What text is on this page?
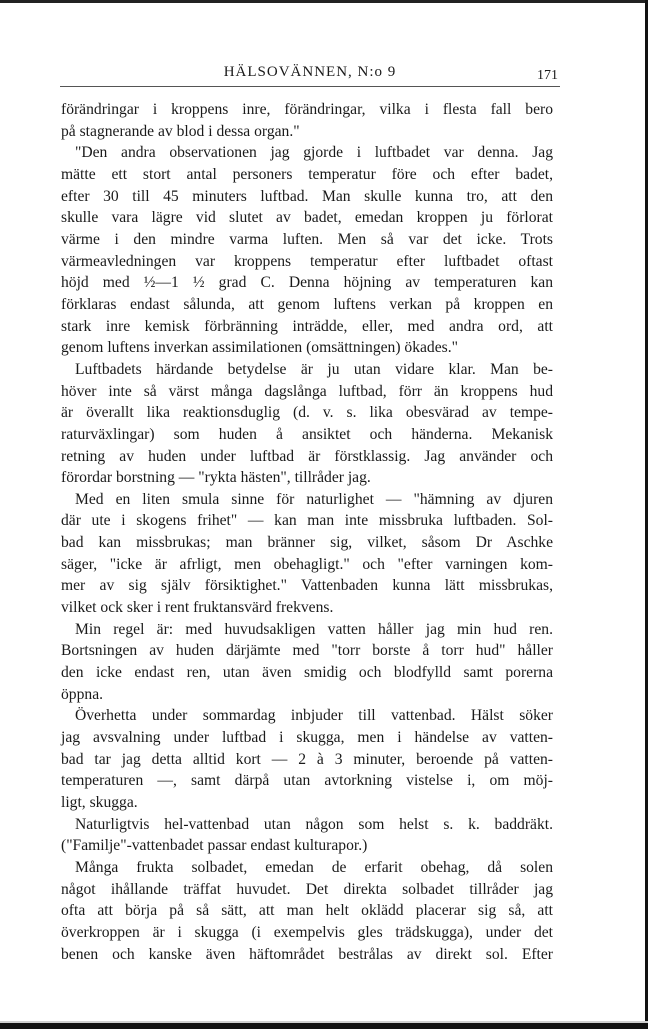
HÄLSOVÄNNEN, N:o 9	171
förändringar i kroppens inre, förändringar, vilka i flesta fall bero
på stagnerande av blod i dessa organ."
"Den andra observationen jag gjorde i luftbadet var denna. Jag
mätte ett stort antal personers temperatur före och efter badet,
efter 30 till 45 minuters luftbad. Man skulle kunna tro, att den
skulle vara lägre vid slutet av badet, emedan kroppen ju förlorat
värme i den mindre varma luften. Men så var det icke. Trots
värmeavledningen var kroppens temperatur efter luftbadet oftast
höjd med ½—1 ½ grad C. Denna höjning av temperaturen kan
förklaras endast sålunda, att genom luftens verkan på kroppen en
stark inre kemisk förbränning inträdde, eller, med andra ord, att
genom luftens inverkan assimilationen (omsättningen) ökades."
Luftbadets härdande betydelse är ju utan vidare klar. Man be-
höver inte så värst många dagslånga luftbad, förr än kroppens hud
är överallt lika reaktionsduglig (d. v. s. lika obesvärad av tempe-
raturväxlingar) som huden å ansiktet och händerna. Mekanisk
retning av huden under luftbad är förstklassig. Jag använder och
förordar borstning — "rykta hästen", tillråder jag.
Med en liten smula sinne för naturlighet — "hämning av djuren
där ute i skogens frihet" — kan man inte missbruka luftbaden. Sol-
bad kan missbrukas; man bränner sig, vilket, såsom Dr Aschke
säger, "icke är afrligt, men obehagligt." och "efter varningen kom-
mer av sig själv försiktighet." Vattenbaden kunna lätt missbrukas,
vilket ock sker i rent fruktansvärd frekvens.
Min regel är: med huvudsakligen vatten håller jag min hud ren.
Bortsningen av huden därjämte med "torr borste å torr hud" håller
den icke endast ren, utan även smidig och blodfylld samt porerna
öppna.
Överhetta under sommardag inbjuder till vattenbad. Hälst söker
jag avsvalning under luftbad i skugga, men i händelse av vatten-
bad tar jag detta alltid kort — 2 à 3 minuter, beroende på vatten-
temperaturen —, samt därpå utan avtorkning vistelse i, om möj-
ligt, skugga.
Naturligtvis hel-vattenbad utan någon som helst s. k. baddräkt.
("Familje"-vattenbadet passar endast kulturapor.)
Många frukta solbadet, emedan de erfarit obehag, då solen
något ihållande träffat huvudet. Det direkta solbadet tillråder jag
ofta att börja på så sätt, att man helt oklädd placerar sig så, att
överkroppen är i skugga (i exempelvis gles trädskugga), under det
benen och kanske även häftområdet bestrålas av direkt sol. Efter
